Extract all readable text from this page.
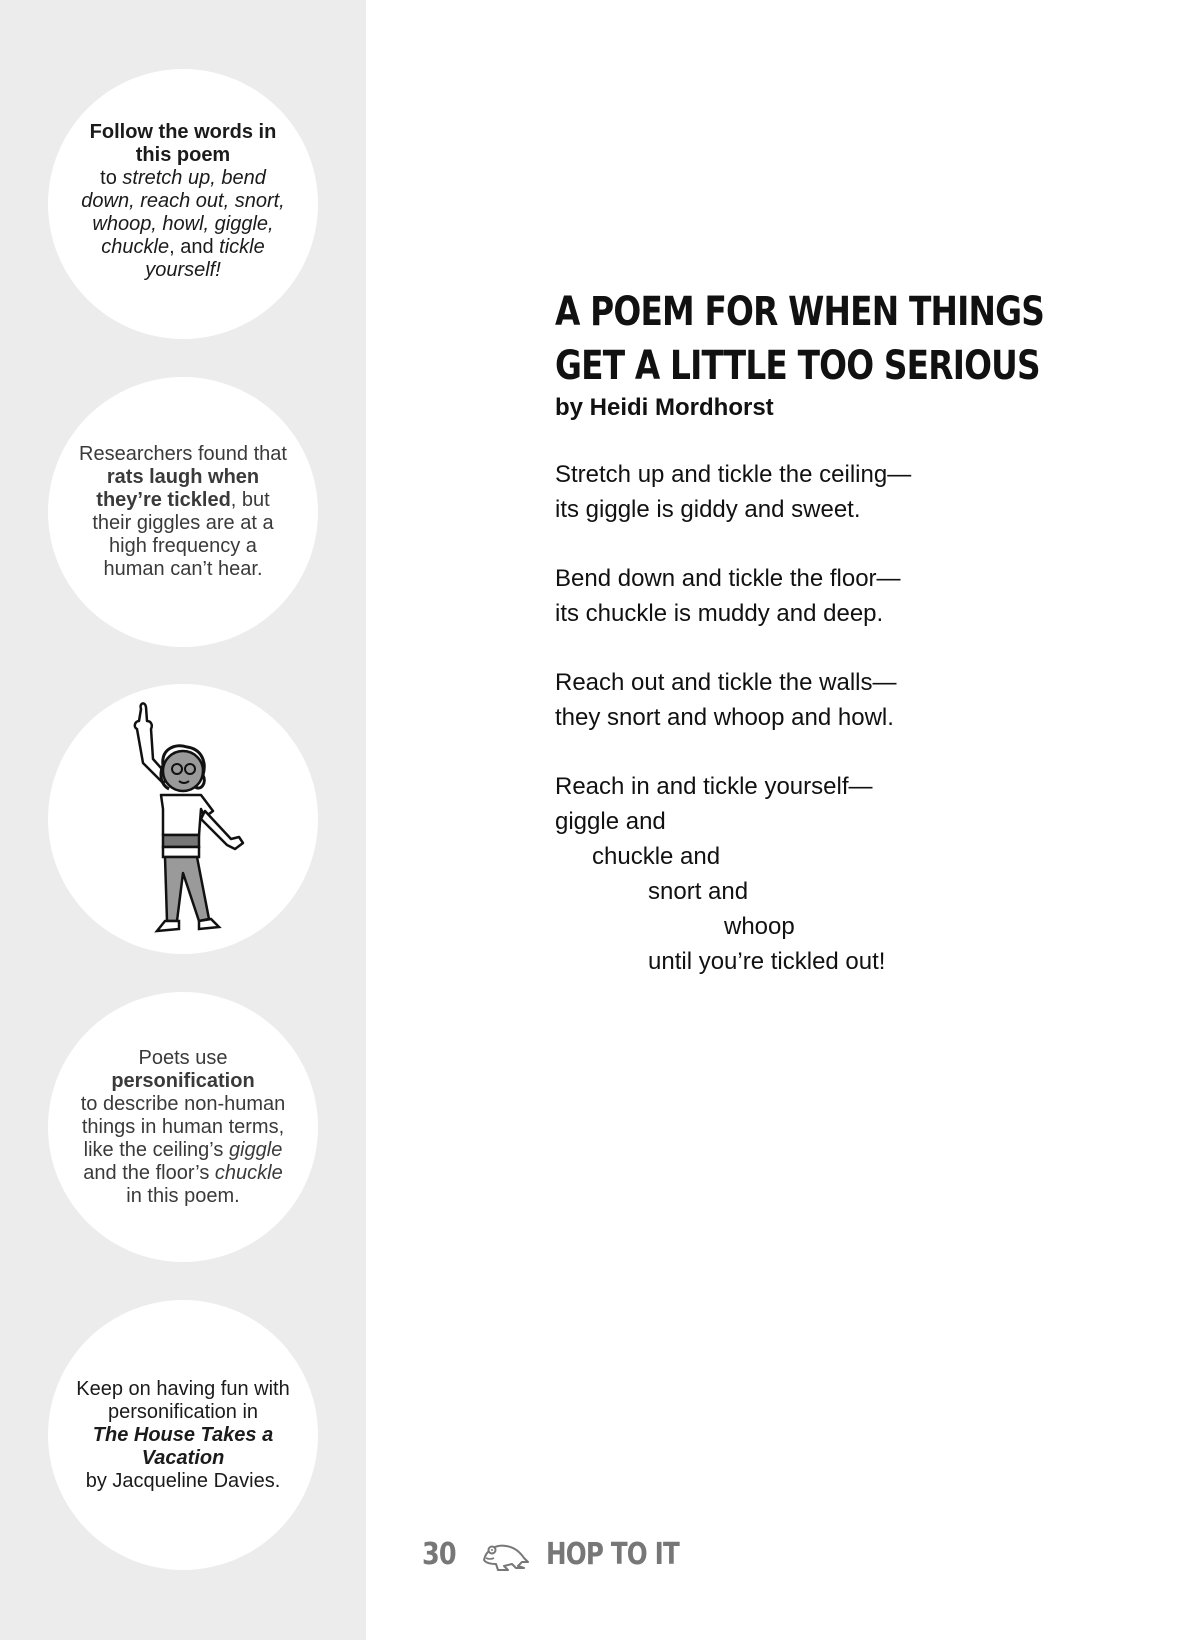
Follow the words in this poem
to stretch up, bend down, reach out, snort, whoop, howl, giggle, chuckle, and tickle yourself!

Researchers found that rats laugh when they’re tickled, but their giggles are at a high frequency a human can’t hear.

Poets use
personification
to describe non-human things in human terms, like the ceiling’s giggle and the floor’s chuckle in this poem.

Keep on having fun with personification in
The House Takes a Vacation
by Jacqueline Davies.

A POEM FOR WHEN THINGS
GET A LITTLE TOO SERIOUS
by Heidi Mordhorst
Stretch up and tickle the ceiling—
its giggle is giddy and sweet.
Bend down and tickle the floor—
its chuckle is muddy and deep.
Reach out and tickle the walls—
they snort and whoop and howl.
Reach in and tickle yourself—
giggle and
chuckle and
snort and
whoop
until you’re tickled out!
30	HOP TO IT
